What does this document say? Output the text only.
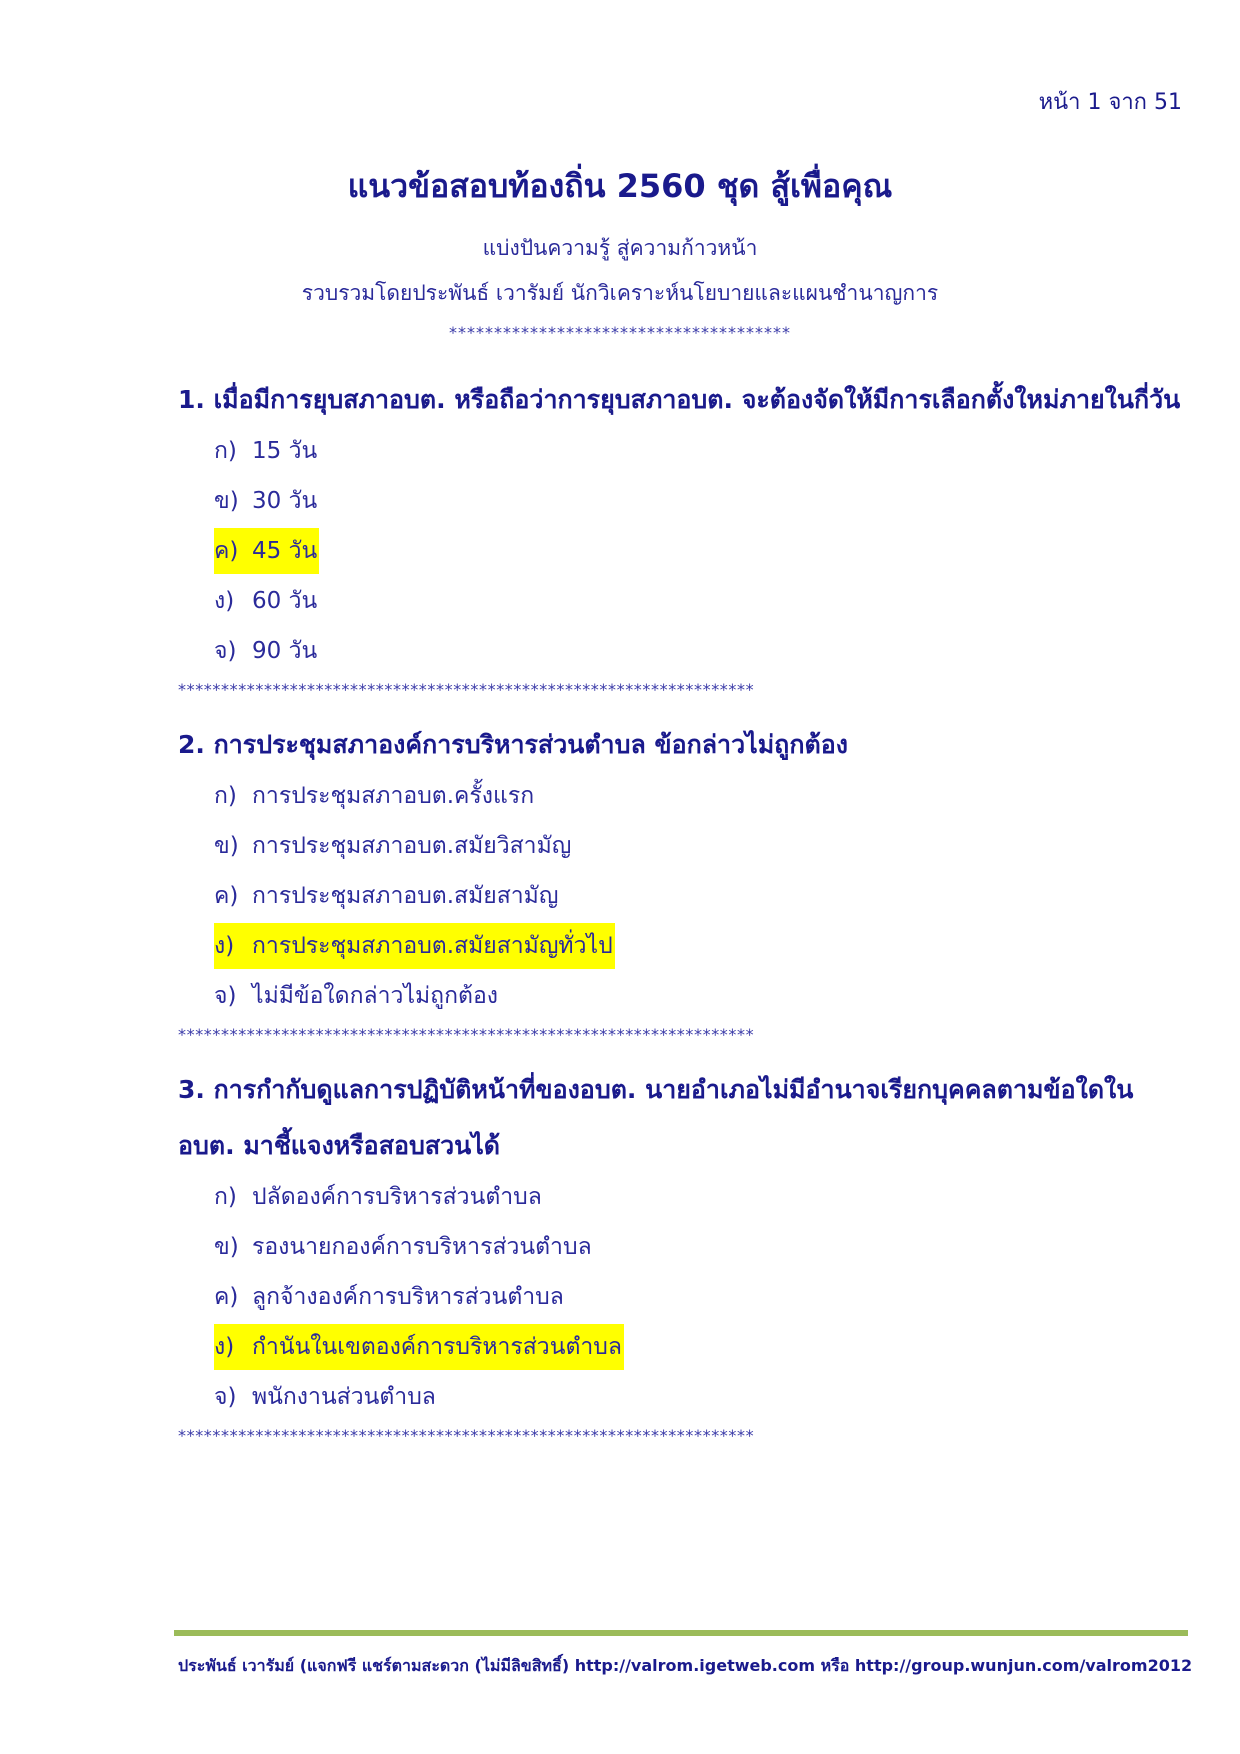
หน้า 1 จาก 51
แนวข้อสอบท้องถิ่น 2560 ชุด สู้เพื่อคุณ
แบ่งปันความรู้ สู่ความก้าวหน้า
รวบรวมโดยประพันธ์ เวารัมย์ นักวิเคราะห์นโยบายและแผนชำนาญการ
**************************************

1. เมื่อมีการยุบสภาอบต. หรือถือว่าการยุบสภาอบต. จะต้องจัดให้มีการเลือกตั้งใหม่ภายในกี่วัน

ก) 15 วัน
ข) 30 วัน
ค) 45 วัน
ง) 60 วัน
จ) 90 วัน
*******************************************************************

2. การประชุมสภาองค์การบริหารส่วนตำบล ข้อกล่าวไม่ถูกต้อง

ก) การประชุมสภาอบต.ครั้งแรก
ข) การประชุมสภาอบต.สมัยวิสามัญ
ค) การประชุมสภาอบต.สมัยสามัญ
ง) การประชุมสภาอบต.สมัยสามัญทั่วไป
จ) ไม่มีข้อใดกล่าวไม่ถูกต้อง
*******************************************************************

3. การกำกับดูแลการปฏิบัติหน้าที่ของอบต. นายอำเภอไม่มีอำนาจเรียกบุคคลตามข้อใดในอบต. มาชี้แจงหรือสอบสวนได้

ก) ปลัดองค์การบริหารส่วนตำบล
ข) รองนายกองค์การบริหารส่วนตำบล
ค) ลูกจ้างองค์การบริหารส่วนตำบล
ง) กำนันในเขตองค์การบริหารส่วนตำบล
จ) พนักงานส่วนตำบล
*******************************************************************
ประพันธ์ เวารัมย์ (แจกฟรี แชร์ตามสะดวก (ไม่มีลิขสิทธิ์) http://valrom.igetweb.com หรือ http://group.wunjun.com/valrom2012
